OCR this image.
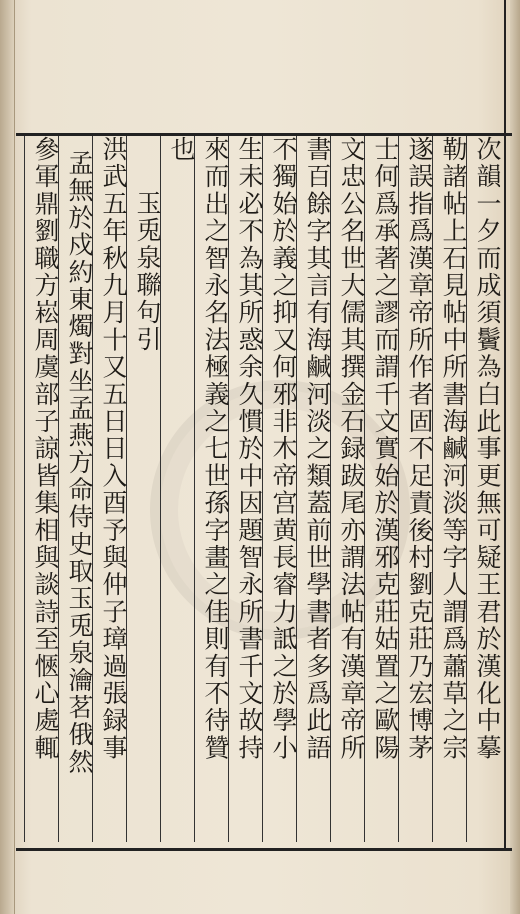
次韻一夕而成須鬢為白此事更無可疑王君於漢化中摹
勒諸帖上石見帖中所書海鹹河淡等字人謂爲蕭草之宗
遂誤指爲漢章帝所作者固不足責後村劉克莊乃宏博茅
士何爲承著之謬而謂千文實始於漢邪克莊姑置之歐陽
文忠公名世大儒其撰金石録跋尾亦謂法帖有漢章帝所
書百餘字其言有海鹹河淡之類蓋前世學書者多爲此語
不獨始於義之抑又何邪非木帝宫黄長睿力詆之於學小
生未必不為其所惑余久慣於中因題智永所書千文故持
來而出之智永名法極義之七世孫字畫之佳則有不待贊
也
玉兎泉聯句引
洪武五年秋九月十又五日日入酉予與仲子璋過張録事
孟無於戍約東燭對坐孟燕方命侍史取玉兎泉瀹茗俄然
參軍鼎劉職方崧周虞部子諒皆集相與談詩至愜心處輒
